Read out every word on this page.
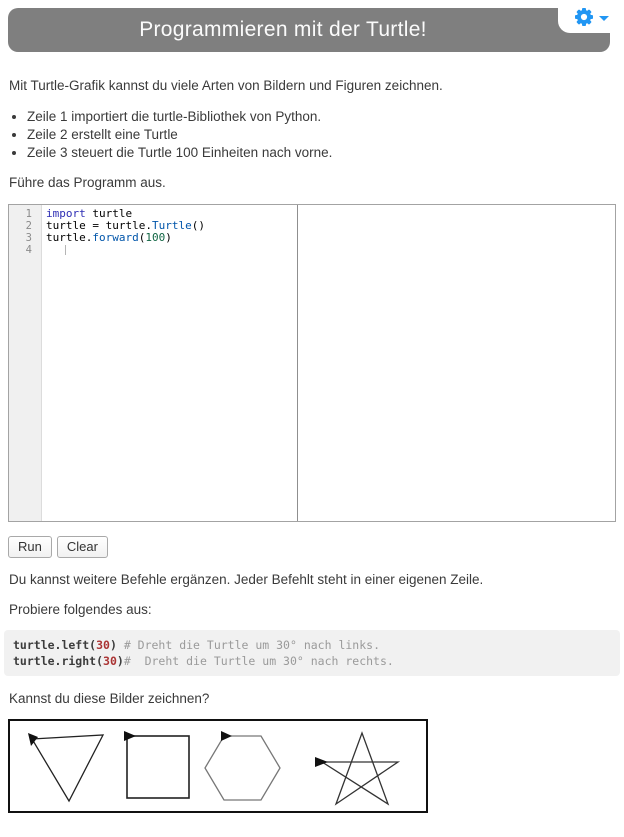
Programmieren mit der Turtle!

Mit Turtle-Grafik kannst du viele Arten von Bildern und Figuren zeichnen.

• Zeile 1 importiert die turtle-Bibliothek von Python.
• Zeile 2 erstellt eine Turtle
• Zeile 3 steuert die Turtle 100 Einheiten nach vorne.

Führe das Programm aus.

1
2
3
4
import turtle
turtle = turtle.Turtle()
turtle.forward(100)
Run	Clear

Du kannst weitere Befehle ergänzen. Jeder Befehlt steht in einer eigenen Zeile.

Probiere folgendes aus:

turtle.left(30) # Dreht die Turtle um 30° nach links.
turtle.right(30)#  Dreht die Turtle um 30° nach rechts.

Kannst du diese Bilder zeichnen?
